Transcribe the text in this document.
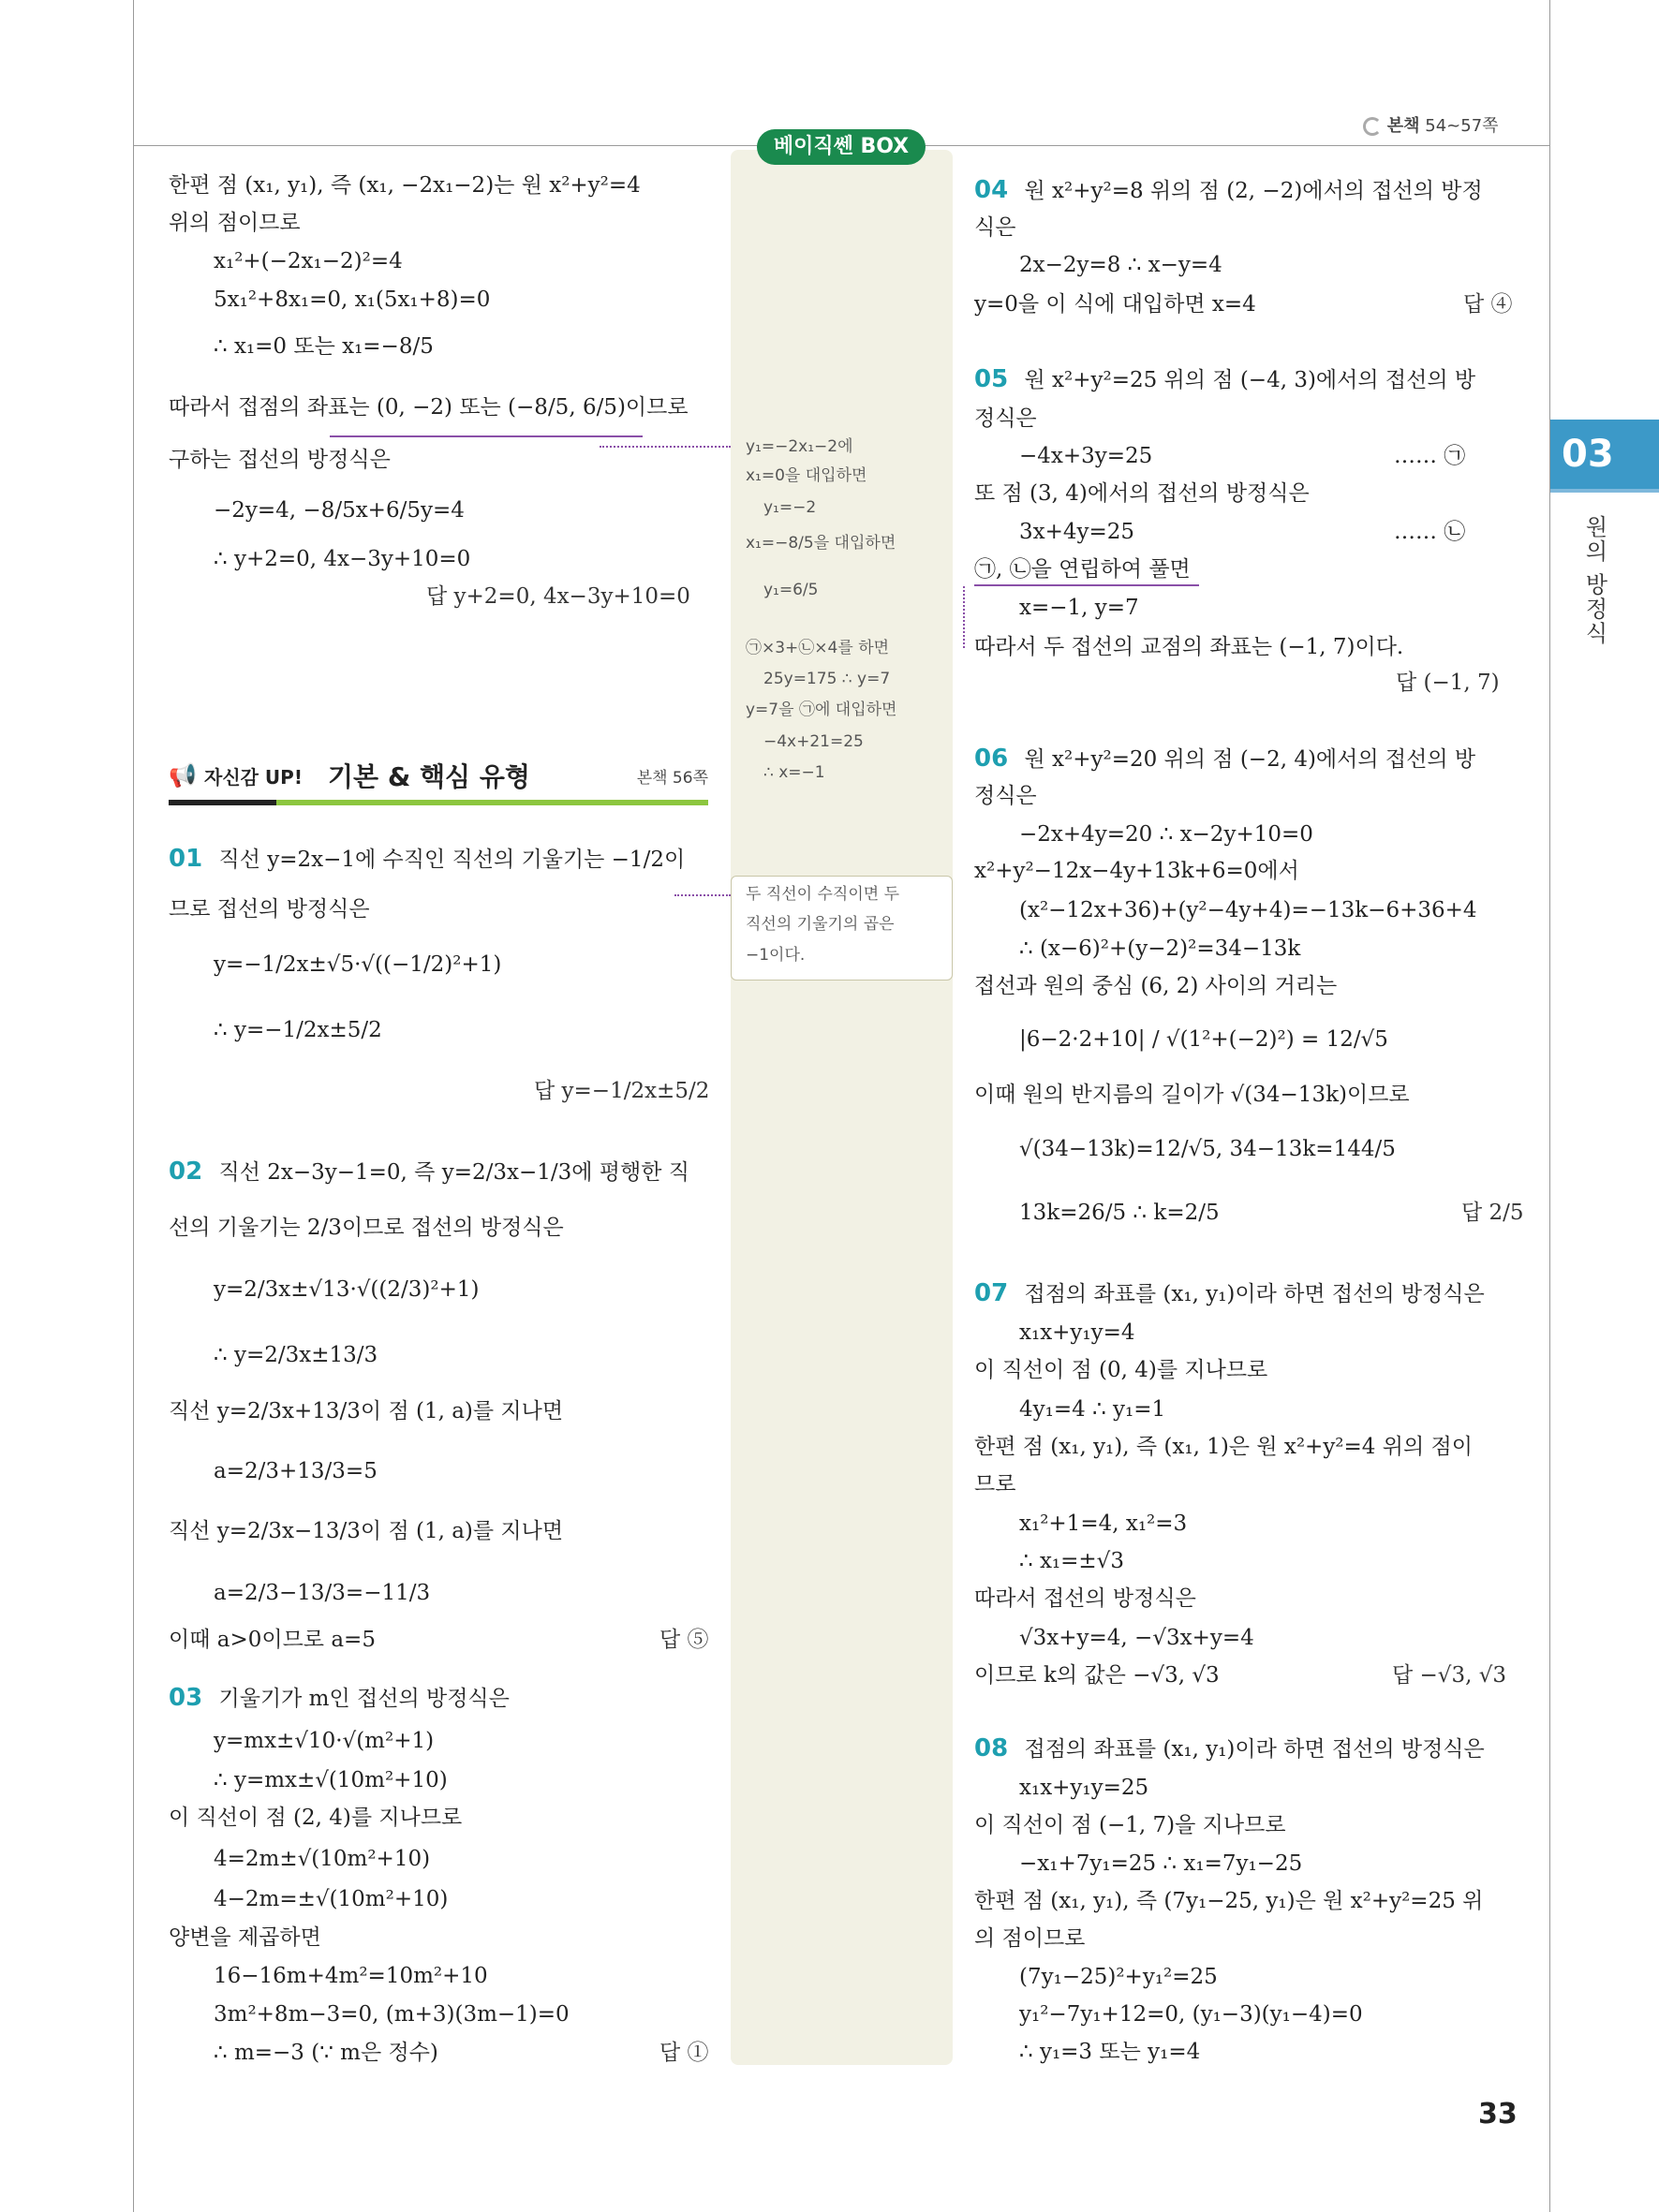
본책 54~57쪽
베이직쎈 BOX
03
원의 방정식
한편 점 (x₁, y₁), 즉 (x₁, −2x₁−2)는 원 x²+y²=4
위의 점이므로
x₁²+(−2x₁−2)²=4
5x₁²+8x₁=0, x₁(5x₁+8)=0
∴ x₁=0 또는 x₁=−8/5
따라서 접점의 좌표는 (0, −2) 또는 (−8/5, 6/5)이므로
구하는 접선의 방정식은
−2y=4, −8/5x+6/5y=4
∴ y+2=0, 4x−3y+10=0
답 y+2=0, 4x−3y+10=0
📢 자신감 UP! 기본 & 핵심 유형	본책 56쪽
01 직선 y=2x−1에 수직인 직선의 기울기는 −1/2이
므로 접선의 방정식은
y=−1/2x±√5·√((−1/2)²+1)
∴ y=−1/2x±5/2
답 y=−1/2x±5/2
02 직선 2x−3y−1=0, 즉 y=2/3x−1/3에 평행한 직
선의 기울기는 2/3이므로 접선의 방정식은
y=2/3x±√13·√((2/3)²+1)
∴ y=2/3x±13/3
직선 y=2/3x+13/3이 점 (1, a)를 지나면
a=2/3+13/3=5
직선 y=2/3x−13/3이 점 (1, a)를 지나면
a=2/3−13/3=−11/3
이때 a>0이므로 a=5	답 ⑤
03 기울기가 m인 접선의 방정식은
y=mx±√10·√(m²+1)
∴ y=mx±√(10m²+10)
이 직선이 점 (2, 4)를 지나므로
4=2m±√(10m²+10)
4−2m=±√(10m²+10)
양변을 제곱하면
16−16m+4m²=10m²+10
3m²+8m−3=0, (m+3)(3m−1)=0
∴ m=−3 (∵ m은 정수)	답 ①
y₁=−2x₁−2에
x₁=0을 대입하면
y₁=−2
x₁=−8/5을 대입하면
y₁=6/5
㉠×3+㉡×4를 하면
25y=175 ∴ y=7
y=7을 ㉠에 대입하면
−4x+21=25
∴ x=−1
두 직선이 수직이면 두
직선의 기울기의 곱은
−1이다.
04 원 x²+y²=8 위의 점 (2, −2)에서의 접선의 방정
식은
2x−2y=8 ∴ x−y=4
y=0을 이 식에 대입하면 x=4	답 ④
05 원 x²+y²=25 위의 점 (−4, 3)에서의 접선의 방
정식은
−4x+3y=25	…… ㉠
또 점 (3, 4)에서의 접선의 방정식은
3x+4y=25	…… ㉡
㉠, ㉡을 연립하여 풀면
x=−1, y=7
따라서 두 접선의 교점의 좌표는 (−1, 7)이다.
답 (−1, 7)
06 원 x²+y²=20 위의 점 (−2, 4)에서의 접선의 방
정식은
−2x+4y=20 ∴ x−2y+10=0
x²+y²−12x−4y+13k+6=0에서
(x²−12x+36)+(y²−4y+4)=−13k−6+36+4
∴ (x−6)²+(y−2)²=34−13k
접선과 원의 중심 (6, 2) 사이의 거리는
|6−2·2+10| / √(1²+(−2)²) = 12/√5
이때 원의 반지름의 길이가 √(34−13k)이므로
√(34−13k)=12/√5, 34−13k=144/5
13k=26/5 ∴ k=2/5	답 2/5
07 접점의 좌표를 (x₁, y₁)이라 하면 접선의 방정식은
x₁x+y₁y=4
이 직선이 점 (0, 4)를 지나므로
4y₁=4 ∴ y₁=1
한편 점 (x₁, y₁), 즉 (x₁, 1)은 원 x²+y²=4 위의 점이
므로
x₁²+1=4, x₁²=3
∴ x₁=±√3
따라서 접선의 방정식은
√3x+y=4, −√3x+y=4
이므로 k의 값은 −√3, √3	답 −√3, √3
08 접점의 좌표를 (x₁, y₁)이라 하면 접선의 방정식은
x₁x+y₁y=25
이 직선이 점 (−1, 7)을 지나므로
−x₁+7y₁=25 ∴ x₁=7y₁−25
한편 점 (x₁, y₁), 즉 (7y₁−25, y₁)은 원 x²+y²=25 위
의 점이므로
(7y₁−25)²+y₁²=25
y₁²−7y₁+12=0, (y₁−3)(y₁−4)=0
∴ y₁=3 또는 y₁=4
33
